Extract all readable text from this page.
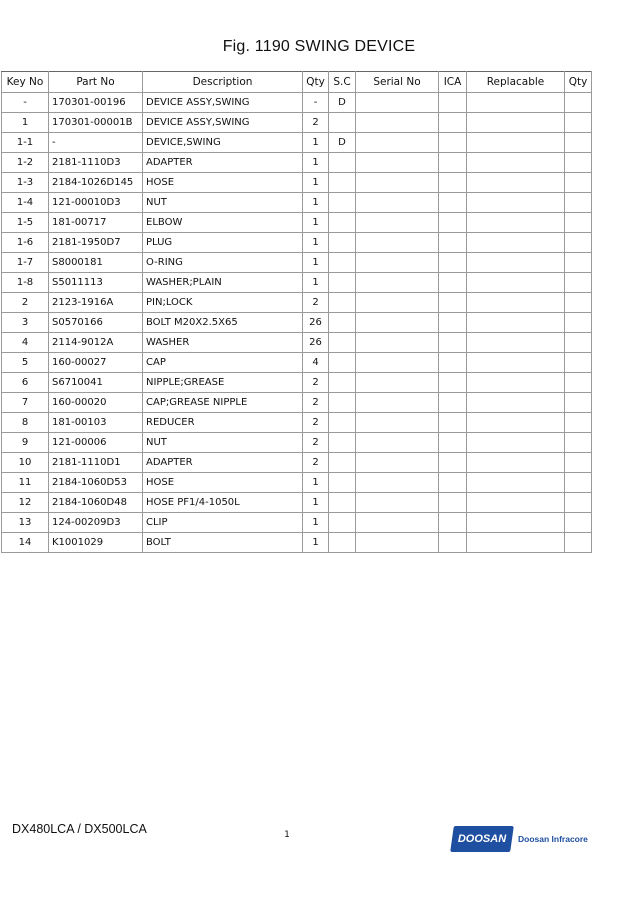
Fig. 1190 SWING DEVICE
Key No	Part No	Description	Qty	S.C	Serial No	ICA	Replacable	Qty
-	170301-00196	DEVICE ASSY,SWING	-	D				
1	170301-00001B	DEVICE ASSY,SWING	2					
1-1	-	DEVICE,SWING	1	D				
1-2	2181-1110D3	ADAPTER	1					
1-3	2184-1026D145	HOSE	1					
1-4	121-00010D3	NUT	1					
1-5	181-00717	ELBOW	1					
1-6	2181-1950D7	PLUG	1					
1-7	S8000181	O-RING	1					
1-8	S5011113	WASHER;PLAIN	1					
2	2123-1916A	PIN;LOCK	2					
3	S0570166	BOLT M20X2.5X65	26					
4	2114-9012A	WASHER	26					
5	160-00027	CAP	4					
6	S6710041	NIPPLE;GREASE	2					
7	160-00020	CAP;GREASE NIPPLE	2					
8	181-00103	REDUCER	2					
9	121-00006	NUT	2					
10	2181-1110D1	ADAPTER	2					
11	2184-1060D53	HOSE	1					
12	2184-1060D48	HOSE PF1/4-1050L	1					
13	124-00209D3	CLIP	1					
14	K1001029	BOLT	1					
DX480LCA / DX500LCA	1	DOOSAN	Doosan Infracore
